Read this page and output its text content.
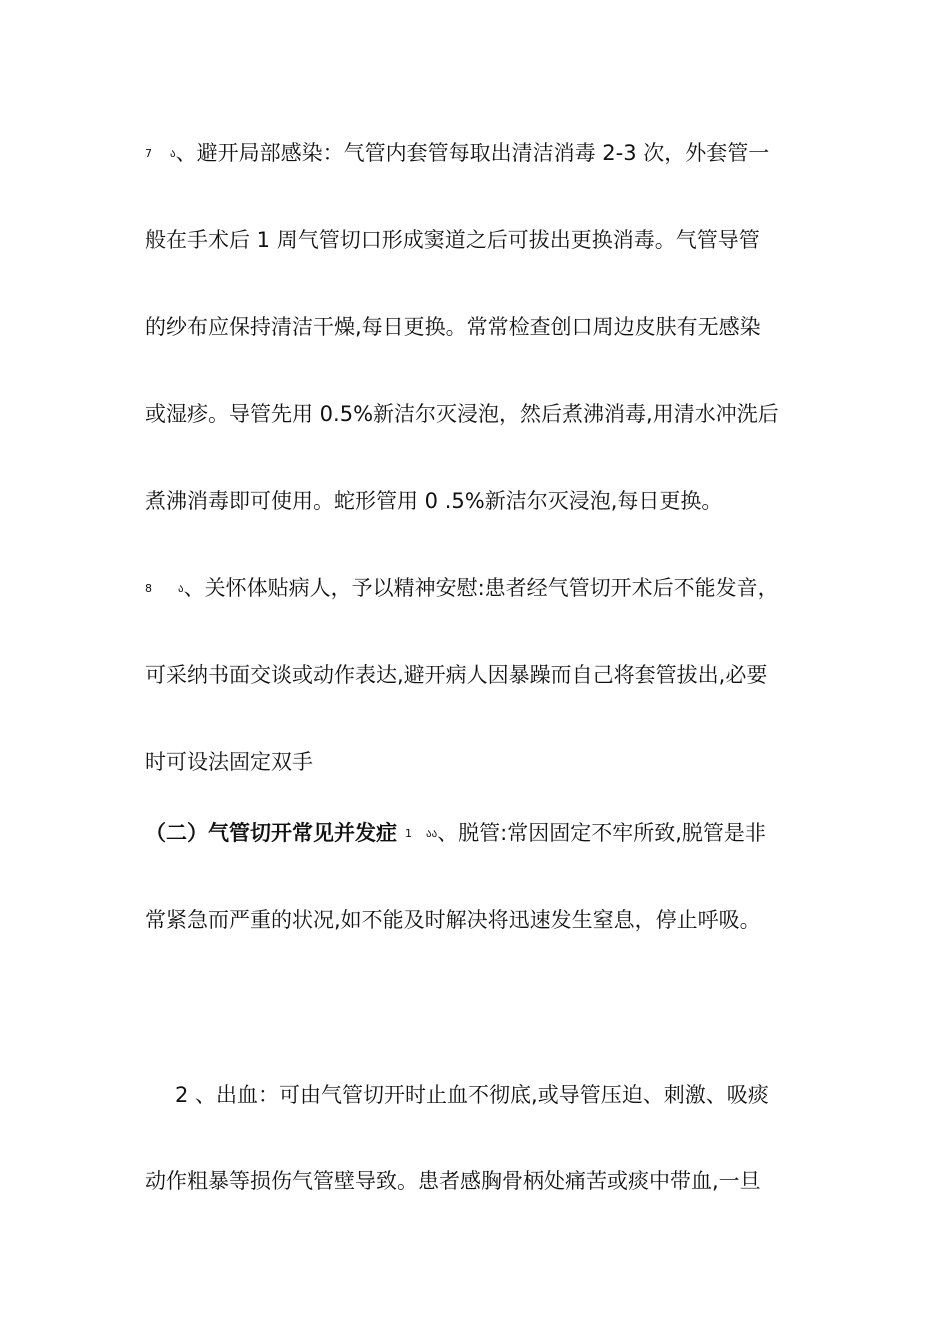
7 ა、避开局部感染：气管内套管每取出清洁消毒 2-3 次，外套管一
般在手术后 1 周气管切口形成窦道之后可拔出更换消毒。气管导管
的纱布应保持清洁干燥,每日更换。常常检查创口周边皮肤有无感染
或湿疹。导管先用 0.5%新洁尔灭浸泡，然后煮沸消毒,用清水冲洗后
煮沸消毒即可使用。蛇形管用 0 .5%新洁尔灭浸泡,每日更换。
8 ა、关怀体贴病人，予以精神安慰:患者经气管切开术后不能发音，
可采纳书面交谈或动作表达,避开病人因暴躁而自己将套管拔出,必要
时可设法固定双手
（二）气管切开常见并发症 1 აა、脱管:常因固定不牢所致,脱管是非
常紧急而严重的状况,如不能及时解决将迅速发生窒息，停止呼吸。
2 、出血：可由气管切开时止血不彻底,或导管压迫、刺激、吸痰
动作粗暴等损伤气管壁导致。患者感胸骨柄处痛苦或痰中带血,一旦
